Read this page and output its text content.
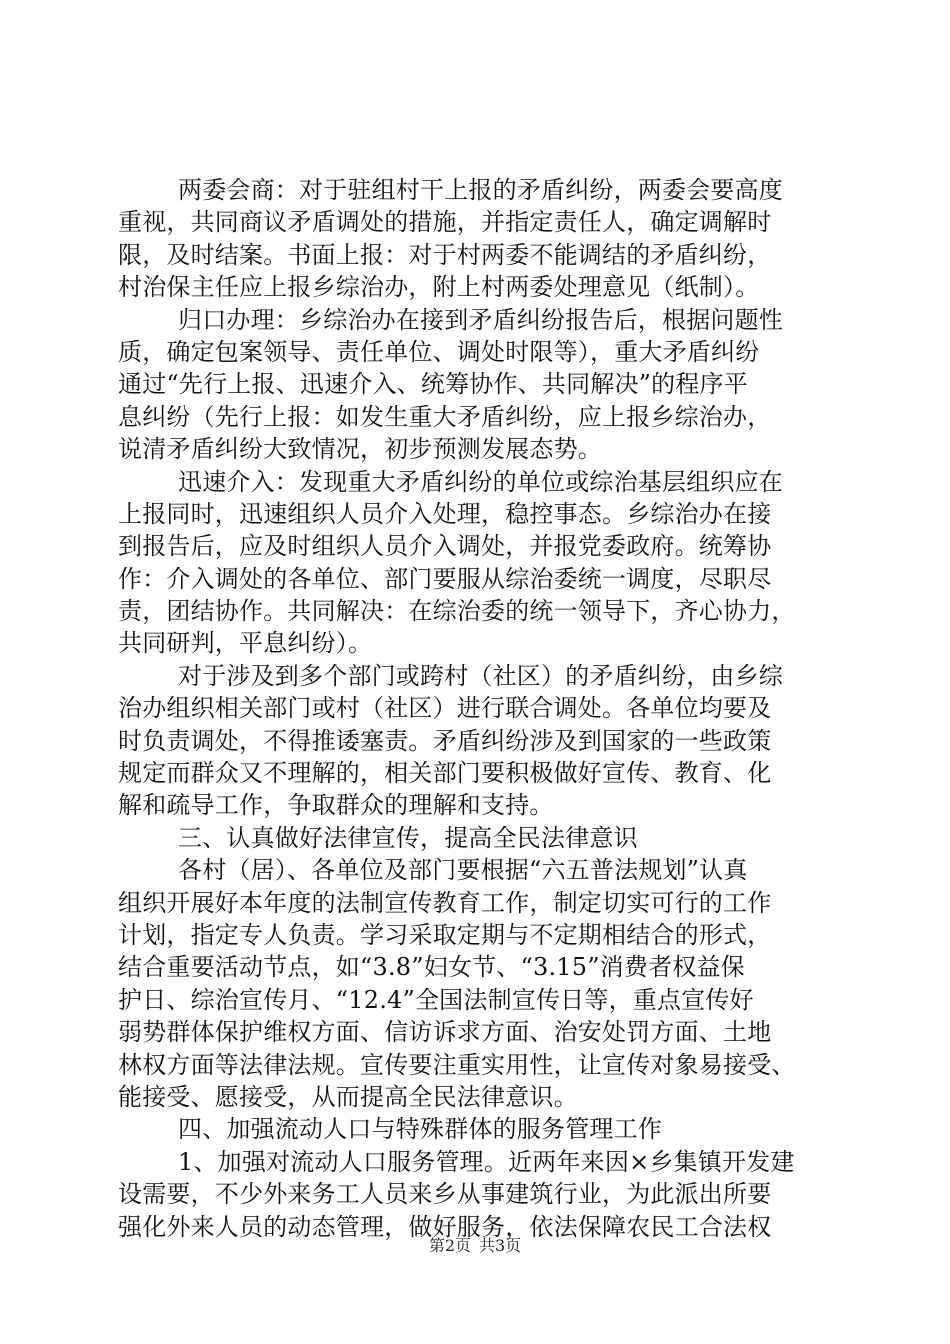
两委会商：对于驻组村干上报的矛盾纠纷，两委会要高度
重视，共同商议矛盾调处的措施，并指定责任人，确定调解时
限，及时结案。书面上报：对于村两委不能调结的矛盾纠纷，
村治保主任应上报乡综治办，附上村两委处理意见（纸制）。
归口办理：乡综治办在接到矛盾纠纷报告后，根据问题性
质，确定包案领导、责任单位、调处时限等），重大矛盾纠纷
通过“先行上报、迅速介入、统筹协作、共同解决”的程序平
息纠纷（先行上报：如发生重大矛盾纠纷，应上报乡综治办，
说清矛盾纠纷大致情况，初步预测发展态势。
迅速介入：发现重大矛盾纠纷的单位或综治基层组织应在
上报同时，迅速组织人员介入处理，稳控事态。乡综治办在接
到报告后，应及时组织人员介入调处，并报党委政府。统筹协
作：介入调处的各单位、部门要服从综治委统一调度，尽职尽
责，团结协作。共同解决：在综治委的统一领导下，齐心协力，
共同研判，平息纠纷）。
对于涉及到多个部门或跨村（社区）的矛盾纠纷，由乡综
治办组织相关部门或村（社区）进行联合调处。各单位均要及
时负责调处，不得推诿塞责。矛盾纠纷涉及到国家的一些政策
规定而群众又不理解的，相关部门要积极做好宣传、教育、化
解和疏导工作，争取群众的理解和支持。
三、认真做好法律宣传，提高全民法律意识
各村（居）、各单位及部门要根据“六五普法规划”认真
组织开展好本年度的法制宣传教育工作，制定切实可行的工作
计划，指定专人负责。学习采取定期与不定期相结合的形式，
结合重要活动节点，如“3.8”妇女节、“3.15”消费者权益保
护日、综治宣传月、“12.4”全国法制宣传日等，重点宣传好
弱势群体保护维权方面、信访诉求方面、治安处罚方面、土地
林权方面等法律法规。宣传要注重实用性，让宣传对象易接受、
能接受、愿接受，从而提高全民法律意识。
四、加强流动人口与特殊群体的服务管理工作
1、加强对流动人口服务管理。近两年来因×乡集镇开发建
设需要，不少外来务工人员来乡从事建筑行业，为此派出所要
强化外来人员的动态管理，做好服务，依法保障农民工合法权
第2页 共3页
